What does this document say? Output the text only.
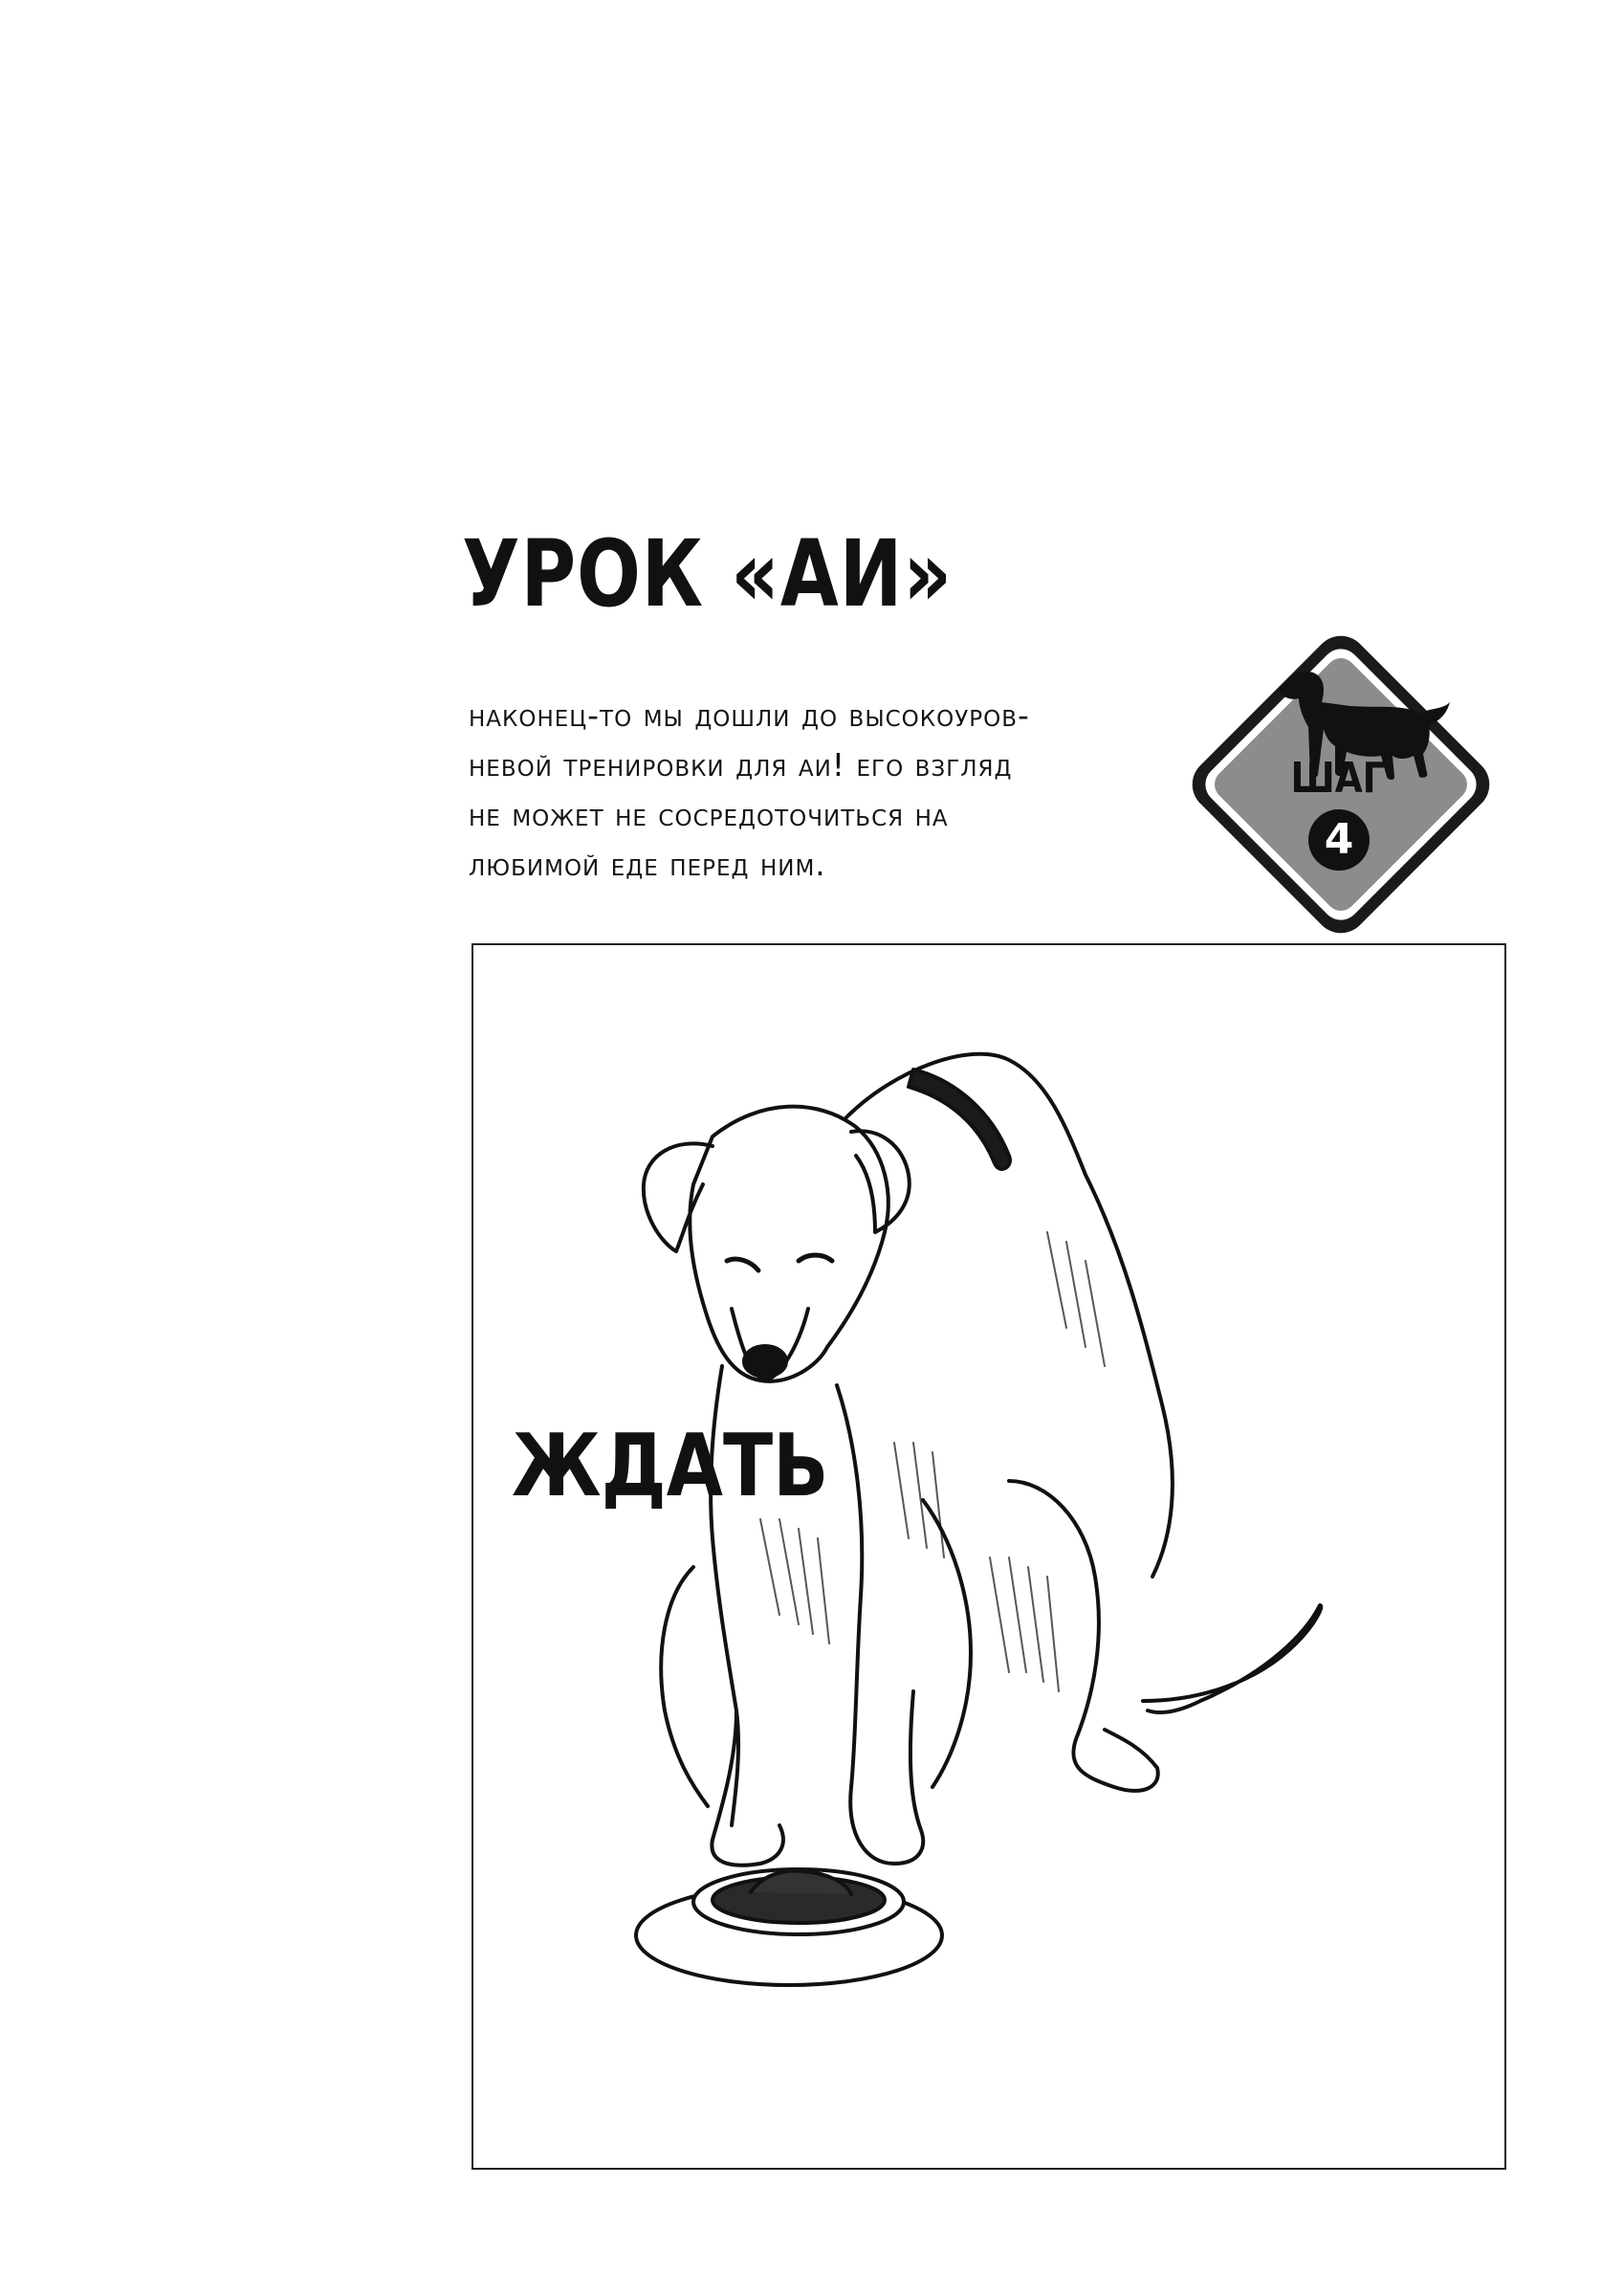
УРОК «АИ»
наконец-то мы дошли до высокоуров-
невой тренировки для аи! его взгляд
не может не сосредоточиться на
любимой еде перед ним.
ШАГ
4
ЖДАТЬ
